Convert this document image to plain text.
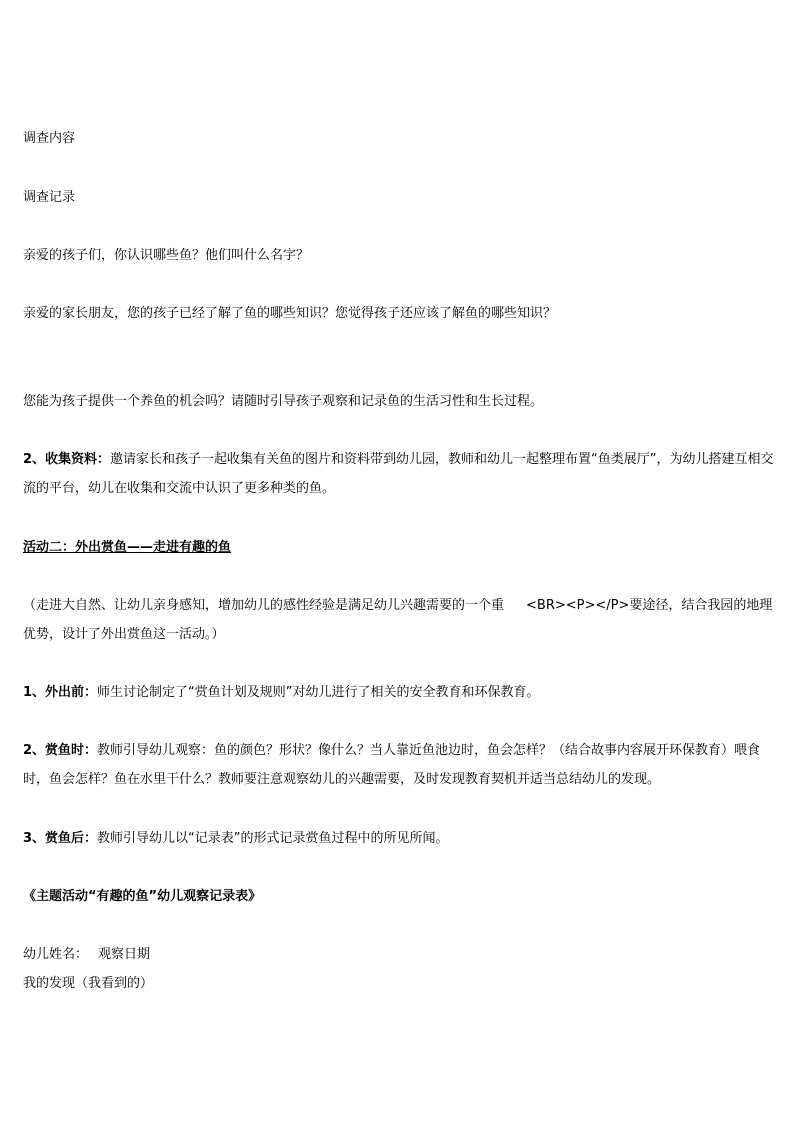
调查内容
调查记录
亲爱的孩子们，你认识哪些鱼？他们叫什么名字？
亲爱的家长朋友，您的孩子已经了解了鱼的哪些知识？您觉得孩子还应该了解鱼的哪些知识？
您能为孩子提供一个养鱼的机会吗？请随时引导孩子观察和记录鱼的生活习性和生长过程。
2、收集资料：邀请家长和孩子一起收集有关鱼的图片和资料带到幼儿园，教师和幼儿一起整理布置“鱼类展厅”，为幼儿搭建互相交流的平台，幼儿在收集和交流中认识了更多种类的鱼。
活动二：外出赏鱼——走进有趣的鱼
（走进大自然、让幼儿亲身感知，增加幼儿的感性经验是满足幼儿兴趣需要的一个重 <BR><P></P>要途径，结合我园的地理优势，设计了外出赏鱼这一活动。）
1、外出前：师生讨论制定了“赏鱼计划及规则”对幼儿进行了相关的安全教育和环保教育。
2、赏鱼时：教师引导幼儿观察：鱼的颜色？形状？像什么？当人靠近鱼池边时，鱼会怎样？（结合故事内容展开环保教育）喂食时，鱼会怎样？鱼在水里干什么？教师要注意观察幼儿的兴趣需要，及时发现教育契机并适当总结幼儿的发现。
3、赏鱼后：教师引导幼儿以“记录表”的形式记录赏鱼过程中的所见所闻。
《主题活动“有趣的鱼”幼儿观察记录表》
幼儿姓名： 观察日期
我的发现（我看到的）
